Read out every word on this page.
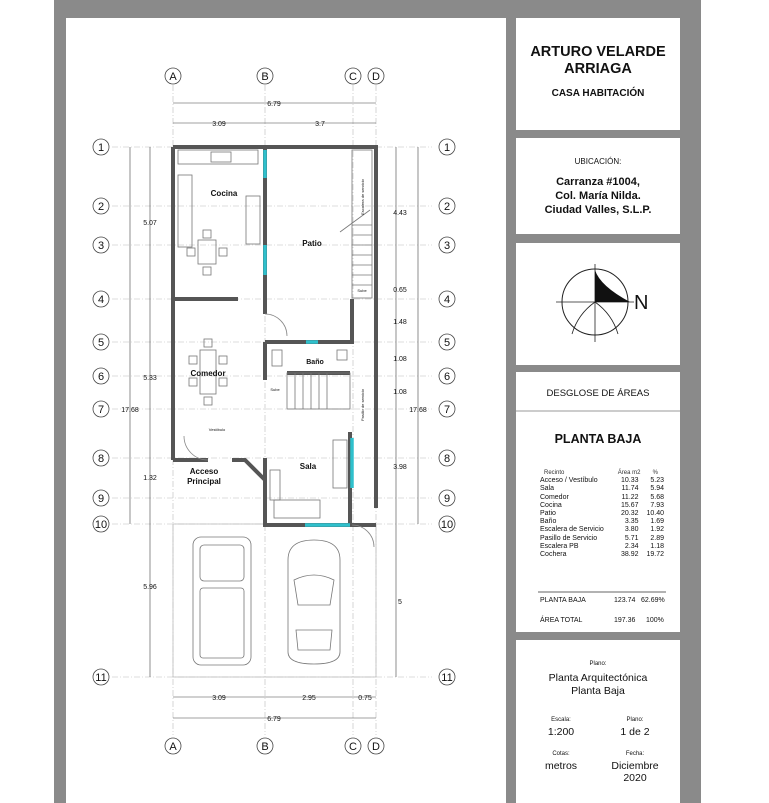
ARTURO VELARDE ARRIAGA
CASA HABITACIÓN
UBICACIÓN:
Carranza #1004,
Col. María Nilda.
Ciudad Valles, S.L.P.
N
DESGLOSE DE ÁREAS
PLANTA BAJA
Recinto	Área m2	%
Acceso / Vestíbulo	10.33	5.23
Sala	11.74	5.94
Comedor	11.22	5.68
Cocina	15.67	7.93
Patio	20.32	10.40
Baño	3.35	1.69
Escalera de Servicio	3.80	1.92
Pasillo de Servicio	5.71	2.89
Escalera PB	2.34	1.18
Cochera	38.92	19.72
PLANTA BAJA	123.74 62.69%
ÁREA TOTAL	197.36 100%
Plano:
Planta Arquitectónica
Planta Baja
Escala:
1:200
Plano:
1 de 2
Cotas:
metros
Fecha:
Diciembre
2020
A
A
B
B
C
C
D
D
1	1
2	2
3	3
4	4
5	5
6	6
7	7
8	8
9	9
10	10
11	11
6.79
3.09	3.7
3.09	2.95	0.75
6.79
5.07
5.33
17.68
1.32
5.96
4.43
0.65
1.48
1.08
1.08
17.68
3.98
5
Cocina
Patio
Baño
Comedor
Sala
Acceso
Principal
Vestíbulo
Escalera de servicio
Pasillo de servicio
Sube
Sube
